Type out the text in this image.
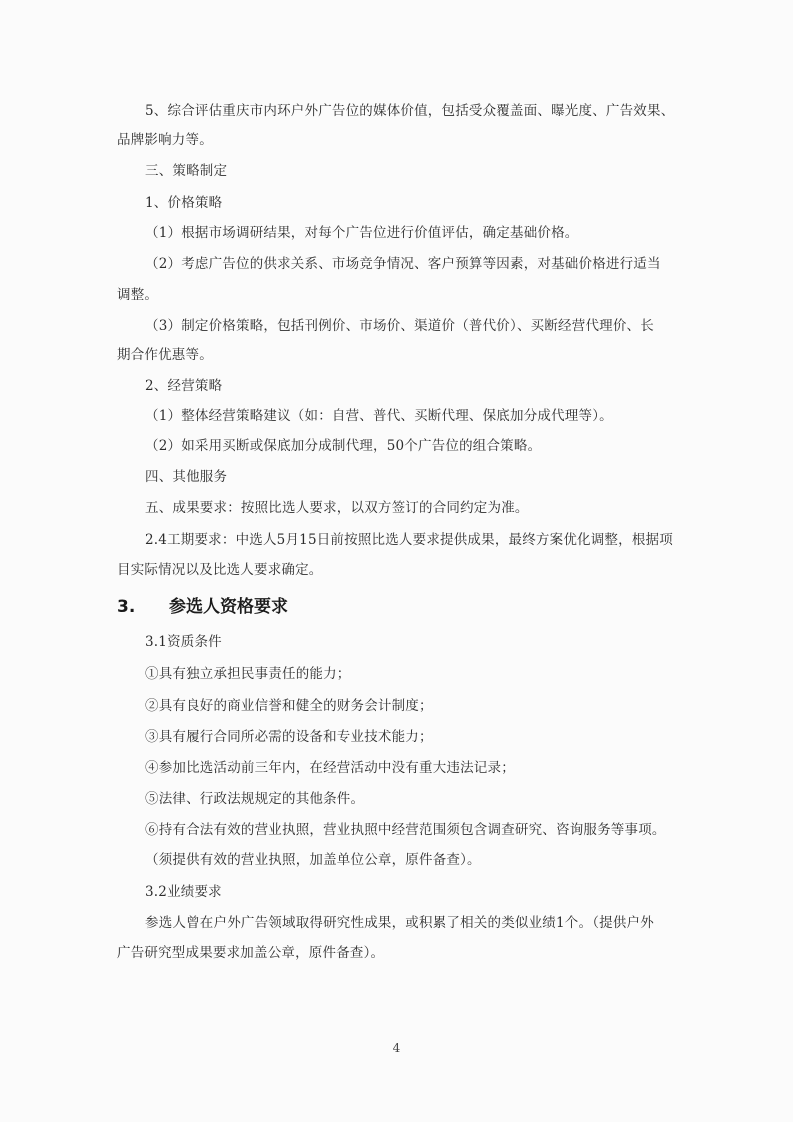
5、综合评估重庆市内环户外广告位的媒体价值，包括受众覆盖面、曝光度、广告效果、
品牌影响力等。
三、策略制定
1、价格策略
（1）根据市场调研结果，对每个广告位进行价值评估，确定基础价格。
（2）考虑广告位的供求关系、市场竞争情况、客户预算等因素，对基础价格进行适当
调整。
（3）制定价格策略，包括刊例价、市场价、渠道价（普代价）、买断经营代理价、长
期合作优惠等。
2、经营策略
（1）整体经营策略建议（如：自营、普代、买断代理、保底加分成代理等）。
（2）如采用买断或保底加分成制代理，50个广告位的组合策略。
四、其他服务
五、成果要求：按照比选人要求，以双方签订的合同约定为准。
2.4工期要求：中选人5月15日前按照比选人要求提供成果，最终方案优化调整，根据项
目实际情况以及比选人要求确定。
3. 参选人资格要求
3.1资质条件
①具有独立承担民事责任的能力；
②具有良好的商业信誉和健全的财务会计制度；
③具有履行合同所必需的设备和专业技术能力；
④参加比选活动前三年内，在经营活动中没有重大违法记录；
⑤法律、行政法规规定的其他条件。
⑥持有合法有效的营业执照，营业执照中经营范围须包含调查研究、咨询服务等事项。
（须提供有效的营业执照，加盖单位公章，原件备查）。
3.2业绩要求
参选人曾在户外广告领域取得研究性成果，或积累了相关的类似业绩1个。（提供户外
广告研究型成果要求加盖公章，原件备查）。
4
